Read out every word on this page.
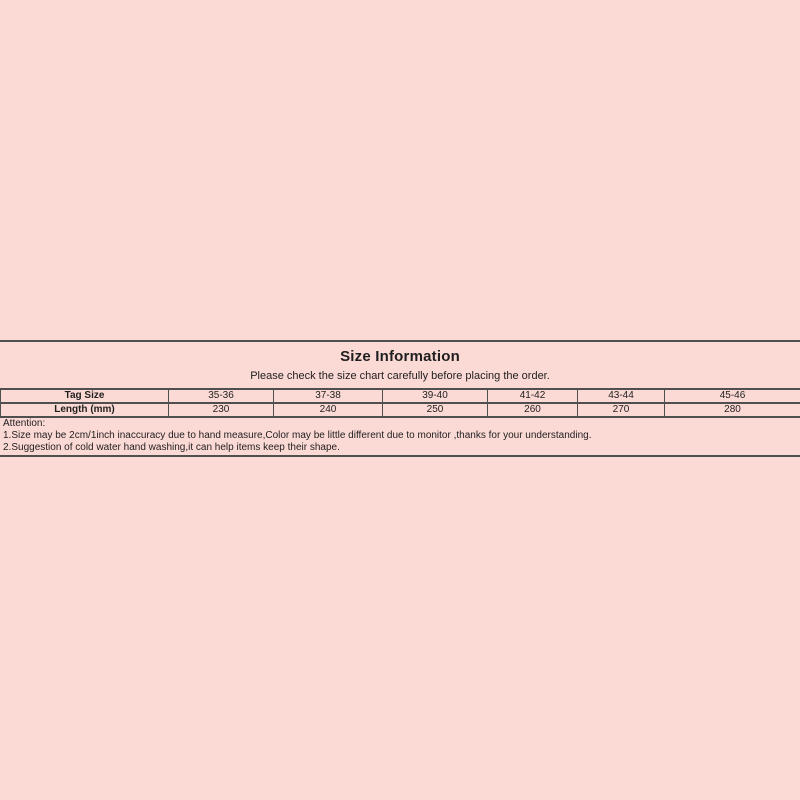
Size Information
Please check the size chart carefully before placing the order.
Tag Size	35-36	37-38	39-40	41-42	43-44	45-46
Length (mm)	230	240	250	260	270	280
Attention:
1.Size may be 2cm/1inch inaccuracy due to hand measure,Color may be little different due to monitor ,thanks for your understanding.
2.Suggestion of cold water hand washing,it can help items keep their shape.
